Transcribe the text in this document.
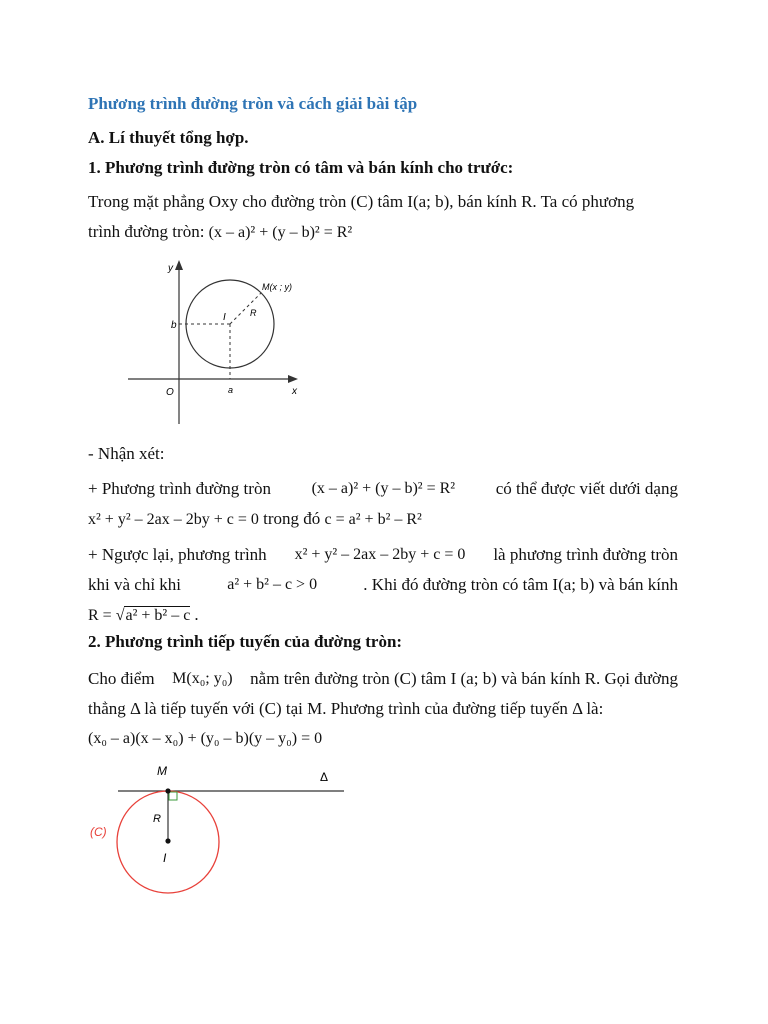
Phương trình đường tròn và cách giải bài tập
A. Lí thuyết tổng hợp.
1. Phương trình đường tròn có tâm và bán kính cho trước:
Trong mặt phẳng Oxy cho đường tròn (C) tâm I(a; b), bán kính R. Ta có phương
trình đường tròn: (x – a)² + (y – b)² = R²
y
x
O
b
a
I	R
M(x ; y)
- Nhận xét:
+ Phương trình đường tròn	(x – a)² + (y – b)² = R² có thể được viết dưới dạng
x² + y² – 2ax – 2by + c = 0 trong đó c = a² + b² – R²
+ Ngược lại, phương trình x² + y² – 2ax – 2by + c = 0 là phương trình đường tròn
khi và chỉ khi	a² + b² – c > 0	. Khi đó đường tròn có tâm I(a; b) và bán kính
R = √a² + b² – c .
2. Phương trình tiếp tuyến của đường tròn:
Cho điểm M(x₀; y₀) nằm trên đường tròn (C) tâm I (a; b) và bán kính R. Gọi đường
thẳng Δ là tiếp tuyến với (C) tại M. Phương trình của đường tiếp tuyến Δ là:
(x₀ – a)(x – x₀) + (y₀ – b)(y – y₀) = 0
M	Δ
R
I
(C)
